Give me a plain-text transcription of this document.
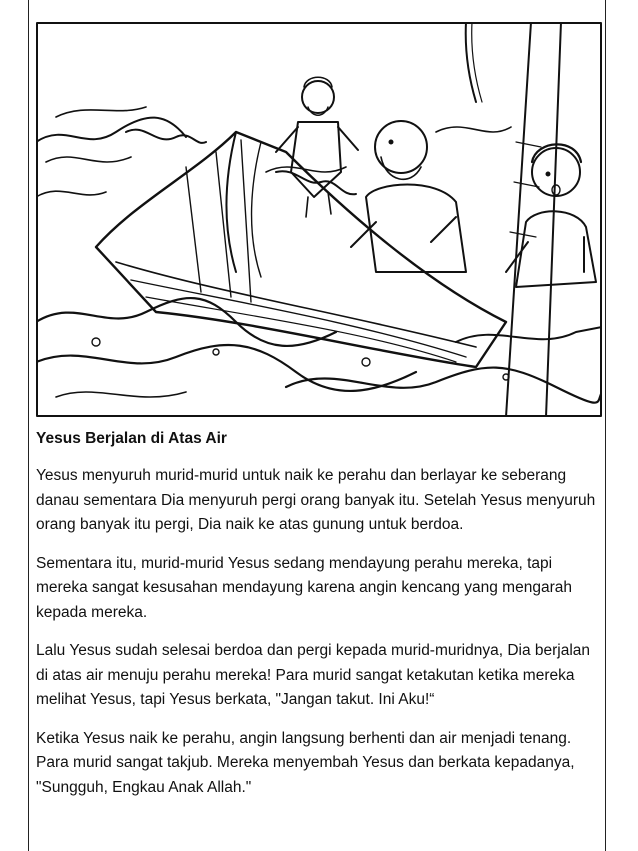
Yesus Berjalan di Atas Air

Yesus menyuruh murid-murid untuk naik ke perahu dan berlayar ke seberang danau sementara Dia menyuruh pergi orang banyak itu. Setelah Yesus menyuruh orang banyak itu pergi, Dia naik ke atas gunung untuk berdoa.

Sementara itu, murid-murid Yesus sedang mendayung perahu mereka, tapi mereka sangat kesusahan mendayung karena angin kencang yang mengarah kepada mereka.

Lalu Yesus sudah selesai berdoa dan pergi kepada murid-muridnya, Dia berjalan di atas air menuju perahu mereka! Para murid sangat ketakutan ketika mereka melihat Yesus, tapi Yesus berkata, "Jangan takut. Ini Aku!“

Ketika Yesus naik ke perahu, angin langsung berhenti dan air menjadi tenang. Para murid sangat takjub. Mereka menyembah Yesus dan berkata kepadanya, "Sungguh, Engkau Anak Allah."
